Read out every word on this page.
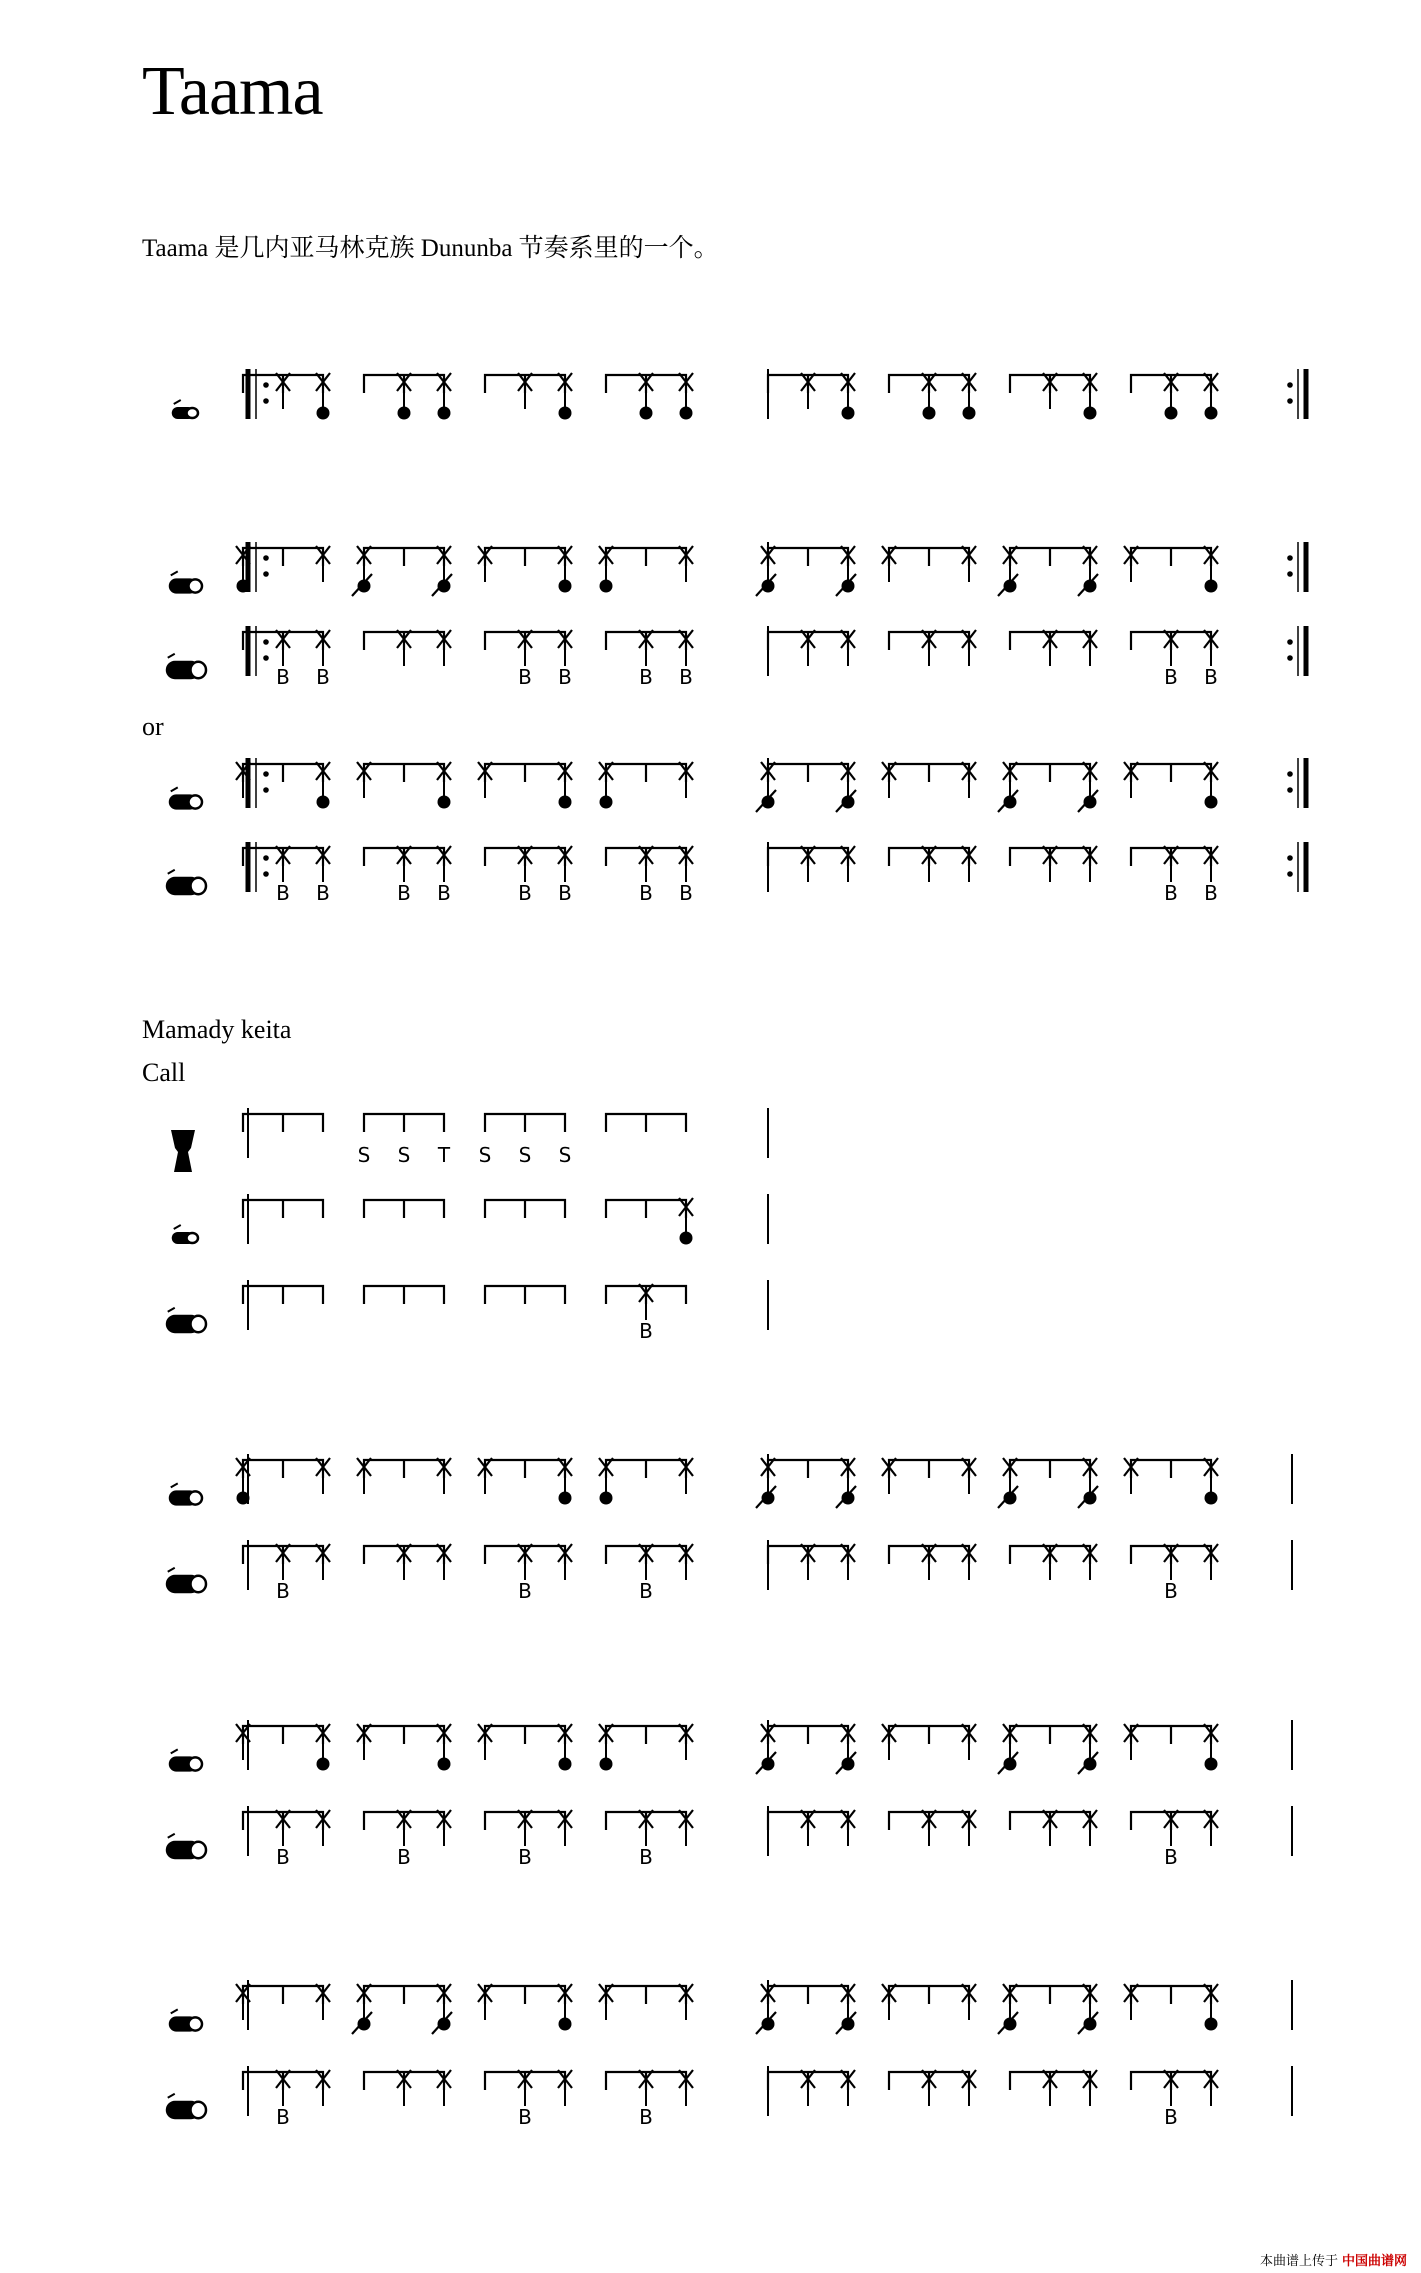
Taama
Taama 是几内亚马林克族 Dununba 节奏系里的一个。
or
Mamady keita
Call
B B	B B	B B	B B
B B	B B	B B	B B	B B
S S T S S S
B
B	B	B	B
B	B	B	B	B
B	B	B	B
本曲谱上传于 中国曲谱网
